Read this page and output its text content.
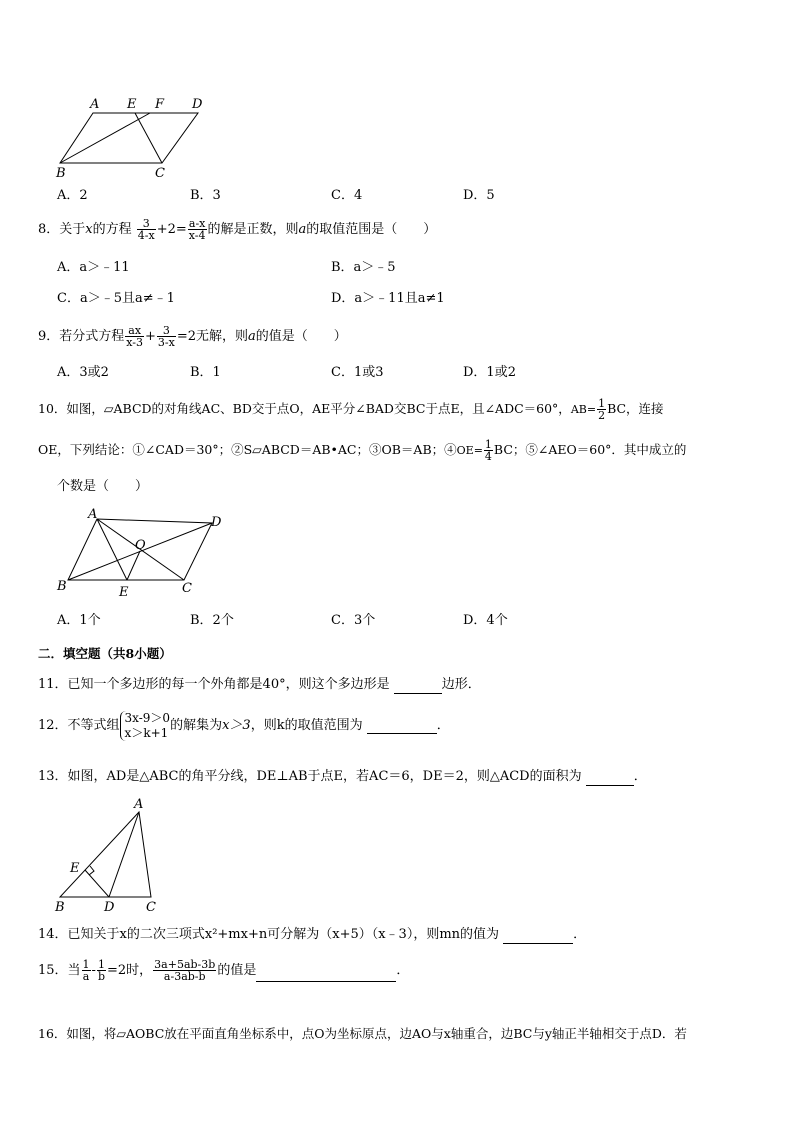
A E F D
B	C
A．2	B．3	C．4	D．5
8．关于x的方程 $\frac{3}{4-x} +2= \frac{a-x}{x-4}$ 的解是正数，则a的取值范围是（　　）
A．a＞﹣11	B．a＞﹣5
C．a＞﹣5且a≠﹣1	D．a＞﹣11且a≠1
9．若分式方程 $\frac{ax}{x-3} + \frac{3}{3-x} =2$无解，则a的值是（　　）
A．3或2	B．1	C．1或3	D．1或2
10．如图，▱ABCD的对角线AC、BD交于点O，AE平分∠BAD交BC于点E，且∠ADC＝60°，$AB= \frac{1}{2}$ BC，连接
OE，下列结论：①∠CAD＝30°；②S▱ABCD＝AB•AC；③OB＝AB；④OE= $\frac{1}{4}$ BC；⑤∠AEO＝60°．其中成立的
个数是（　　）
A
D
O
B	E	C
A．1个	B．2个	C．3个	D．4个
二．填空题（共8小题）
11．已知一个多边形的每一个外角都是40°，则这个多边形是	边形．
12．不等式组 3x-9＞0
x＞k+1 的解集为x＞3，则k的取值范围为	．
13．如图，AD是△ABC的角平分线，DE⊥AB于点E，若AC＝6，DE＝2，则△ACD的面积为	．
A
E
B	D C
14．已知关于x的二次三项式x²+mx+n可分解为（x+5）（x﹣3），则mn的值为	．
15．当 $\frac{1}{a} - \frac{1}{b} =2$时， $\frac{3a+5ab-3b}{a-3ab-b}$ 的值是	．
16．如图，将▱AOBC放在平面直角坐标系中，点O为坐标原点，边AO与x轴重合，边BC与y轴正半轴相交于点D．若
